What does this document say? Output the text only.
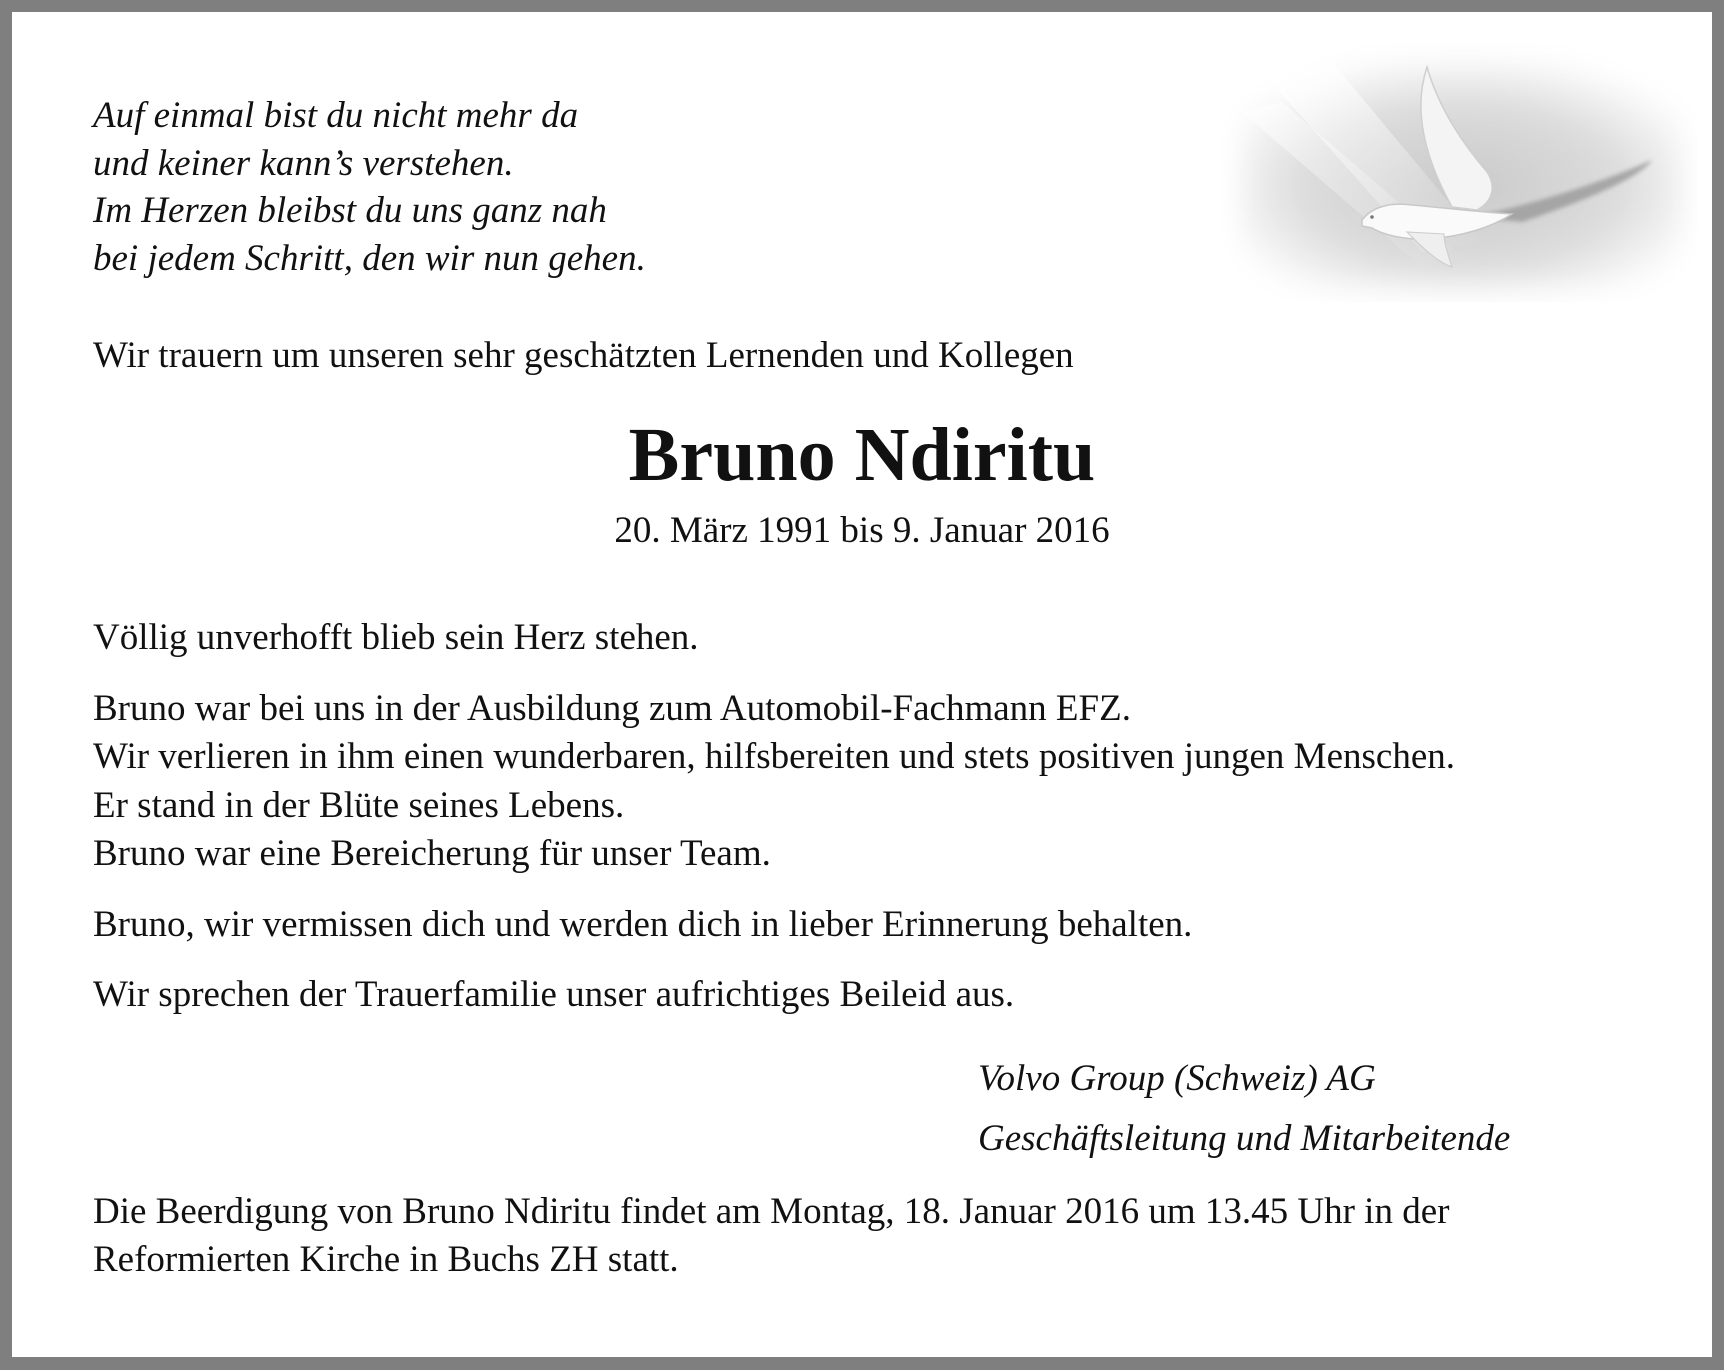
Auf einmal bist du nicht mehr da
und keiner kann’s verstehen.
Im Herzen bleibst du uns ganz nah
bei jedem Schritt, den wir nun gehen.
Wir trauern um unseren sehr geschätzten Lernenden und Kollegen
Bruno Ndiritu
20. März 1991 bis 9. Januar 2016

Völlig unverhofft blieb sein Herz stehen.

Bruno war bei uns in der Ausbildung zum Automobil-Fachmann EFZ.

Wir verlieren in ihm einen wunderbaren, hilfsbereiten und stets positiven jungen Menschen.

Er stand in der Blüte seines Lebens.

Bruno war eine Bereicherung für unser Team.

Bruno, wir vermissen dich und werden dich in lieber Erinnerung behalten.

Wir sprechen der Trauerfamilie unser aufrichtiges Beileid aus.

Volvo Group (Schweiz) AG
Geschäftsleitung und Mitarbeitende
Die Beerdigung von Bruno Ndiritu findet am Montag, 18. Januar 2016 um 13.45 Uhr in der
Reformierten Kirche in Buchs ZH statt.
